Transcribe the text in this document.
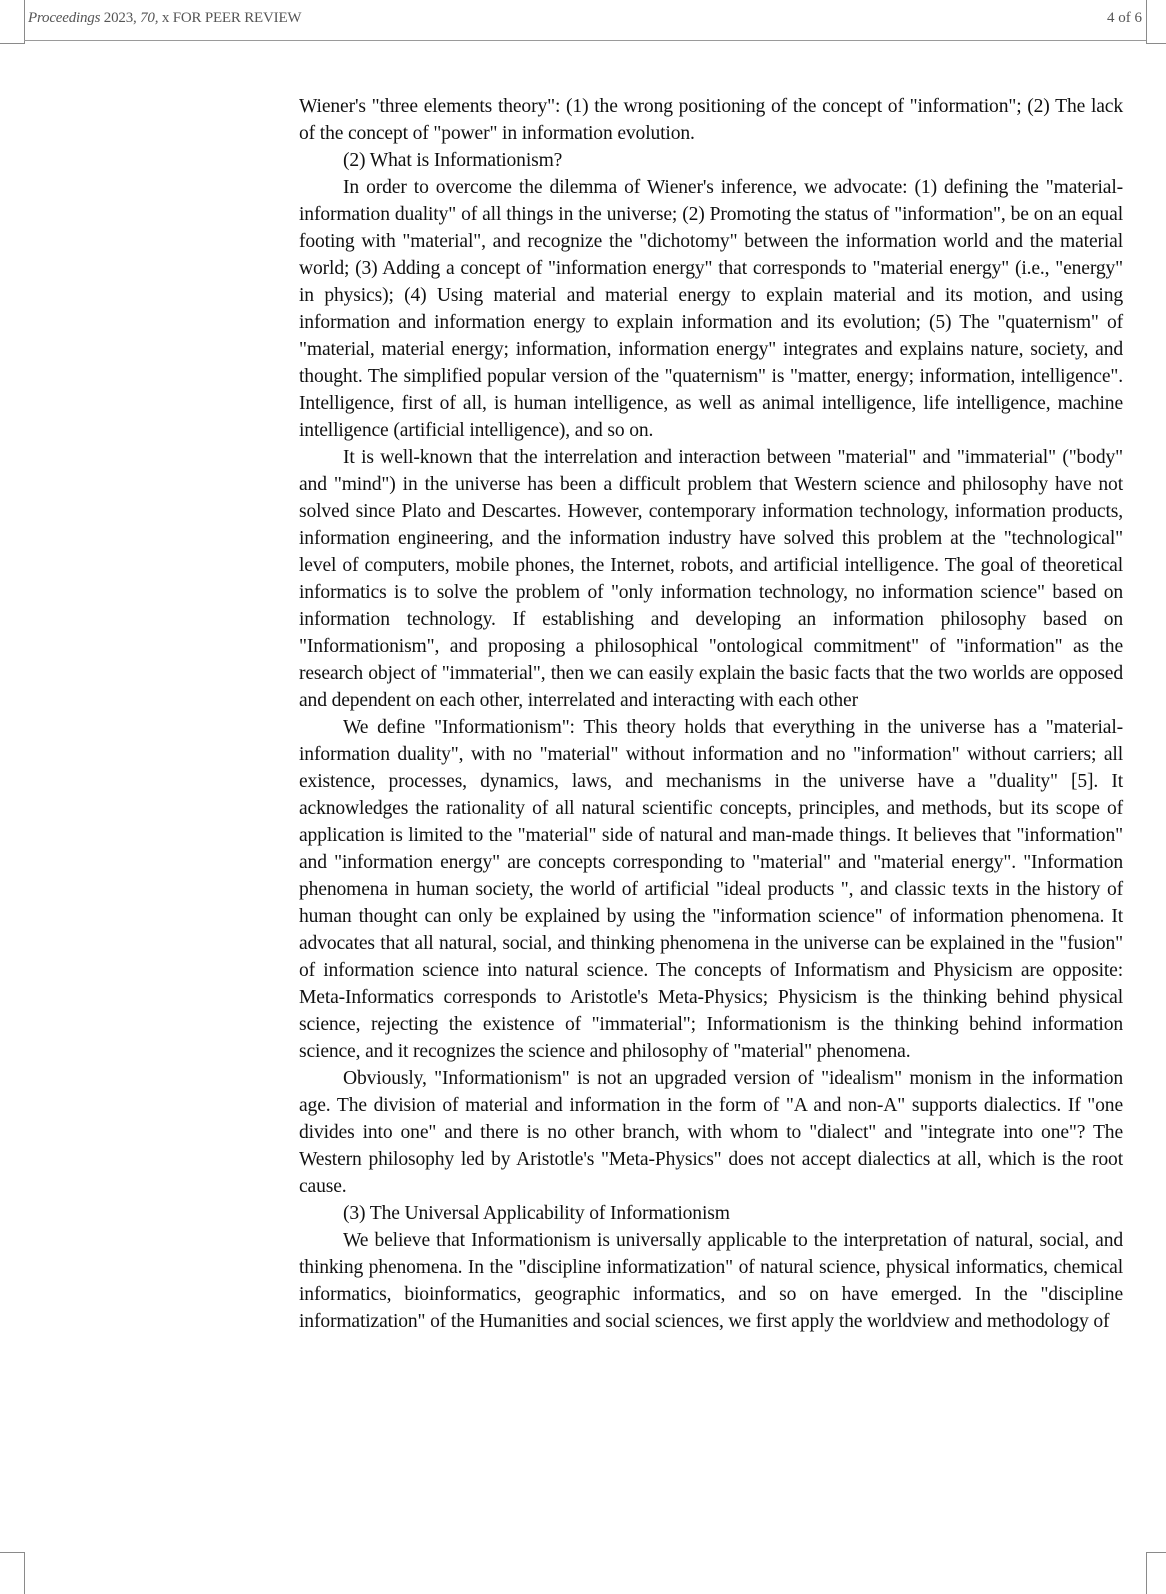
Proceedings 2023, 70, x FOR PEER REVIEW	4 of 6

Wiener's "three elements theory": (1) the wrong positioning of the concept of "information"; (2) The lack of the concept of "power" in information evolution.

(2) What is Informationism?

In order to overcome the dilemma of Wiener's inference, we advocate: (1) defining the "material-information duality" of all things in the universe; (2) Promoting the status of "information", be on an equal footing with "material", and recognize the "dichotomy" between the information world and the material world; (3) Adding a concept of "information energy" that corresponds to "material energy" (i.e., "energy" in physics); (4) Using material and material energy to explain material and its motion, and using information and information energy to explain information and its evolution; (5) The "quaternism" of "material, material energy; information, information energy" integrates and explains nature, society, and thought. The simplified popular version of the "quaternism" is "matter, energy; information, intelligence". Intelligence, first of all, is human intelligence, as well as animal intelligence, life intelligence, machine intelligence (artificial intelligence), and so on.

It is well-known that the interrelation and interaction between "material" and "immaterial" ("body" and "mind") in the universe has been a difficult problem that Western science and philosophy have not solved since Plato and Descartes. However, contemporary information technology, information products, information engineering, and the information industry have solved this problem at the "technological" level of computers, mobile phones, the Internet, robots, and artificial intelligence. The goal of theoretical informatics is to solve the problem of "only information technology, no information science" based on information technology. If establishing and developing an information philosophy based on "Informationism", and proposing a philosophical "ontological commitment" of "information" as the research object of "immaterial", then we can easily explain the basic facts that the two worlds are opposed and dependent on each other, interrelated and interacting with each other

We define "Informationism": This theory holds that everything in the universe has a "material-information duality", with no "material" without information and no "information" without carriers; all existence, processes, dynamics, laws, and mechanisms in the universe have a "duality" [5]. It acknowledges the rationality of all natural scientific concepts, principles, and methods, but its scope of application is limited to the "material" side of natural and man-made things. It believes that "information" and "information energy" are concepts corresponding to "material" and "material energy". "Information phenomena in human society, the world of artificial "ideal products ", and classic texts in the history of human thought can only be explained by using the "information science" of information phenomena. It advocates that all natural, social, and thinking phenomena in the universe can be explained in the "fusion" of information science into natural science. The concepts of Informatism and Physicism are opposite: Meta-Informatics corresponds to Aristotle's Meta-Physics; Physicism is the thinking behind physical science, rejecting the existence of "immaterial"; Informationism is the thinking behind information science, and it recognizes the science and philosophy of "material" phenomena.

Obviously, "Informationism" is not an upgraded version of "idealism" monism in the information age. The division of material and information in the form of "A and non-A" supports dialectics. If "one divides into one" and there is no other branch, with whom to "dialect" and "integrate into one"? The Western philosophy led by Aristotle's "Meta-Physics" does not accept dialectics at all, which is the root cause.

(3) The Universal Applicability of Informationism

We believe that Informationism is universally applicable to the interpretation of natural, social, and thinking phenomena. In the "discipline informatization" of natural science, physical informatics, chemical informatics, bioinformatics, geographic informatics, and so on have emerged. In the "discipline informatization" of the Humanities and social sciences, we first apply the worldview and methodology of
